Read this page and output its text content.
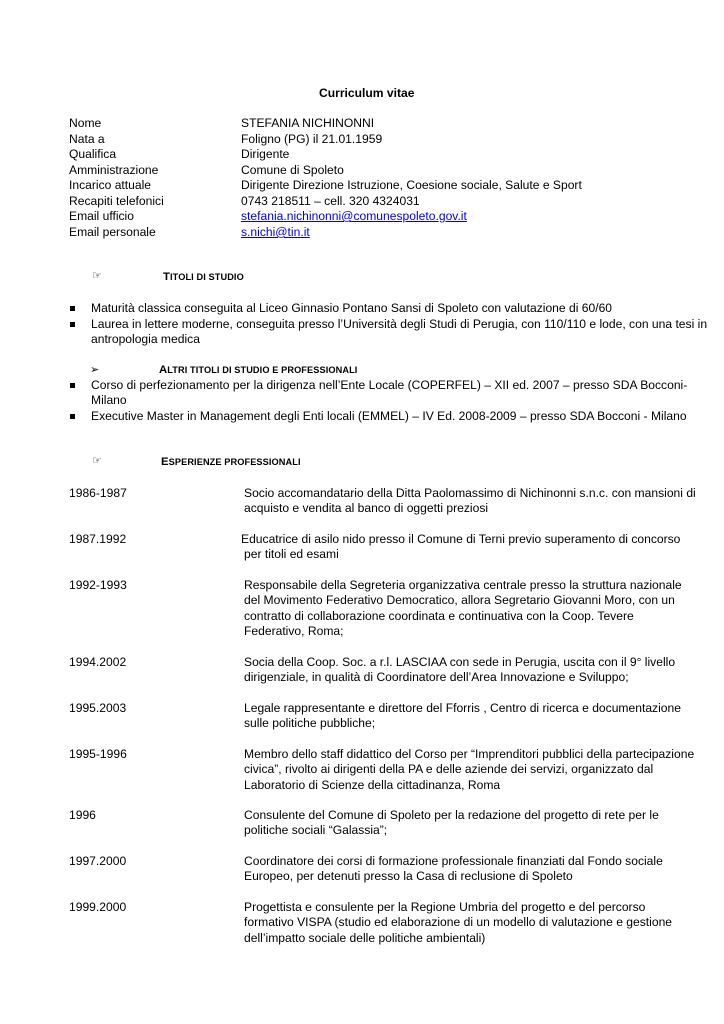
Curriculum vitae
Nome	STEFANIA NICHINONNI
Nata a	Foligno (PG) il 21.01.1959
Qualifica	Dirigente
Amministrazione	Comune di Spoleto
Incarico attuale	Dirigente Direzione Istruzione, Coesione sociale, Salute e Sport
Recapiti telefonici	0743 218511 – cell. 320 4324031
Email ufficio	stefania.nichinonni@comunespoleto.gov.it
Email personale	s.nichi@tin.it
☞	TITOLI DI STUDIO
Maturità classica conseguita al Liceo Ginnasio Pontano Sansi di Spoleto con valutazione di 60/60
Laurea in lettere moderne, conseguita presso l’Università degli Studi di Perugia, con 110/110 e lode, con una tesi in
antropologia medica
➢	ALTRI TITOLI DI STUDIO E PROFESSIONALI
Corso di perfezionamento per la dirigenza nell’Ente Locale (COPERFEL) – XII ed. 2007 – presso SDA Bocconi-
Milano
Executive Master in Management degli Enti locali (EMMEL) – IV Ed. 2008-2009 – presso SDA Bocconi - Milano
☞	ESPERIENZE PROFESSIONALI
1986-1987	Socio accomandatario della Ditta Paolomassimo di Nichinonni s.n.c. con mansioni di
acquisto e vendita al banco di oggetti preziosi
1987.1992	Educatrice di asilo nido presso il Comune di Terni previo superamento di concorso
per titoli ed esami
1992-1993	Responsabile della Segreteria organizzativa centrale presso la struttura nazionale
del Movimento Federativo Democratico, allora Segretario Giovanni Moro, con un
contratto di collaborazione coordinata e continuativa con la Coop. Tevere
Federativo, Roma;
1994.2002	Socia della Coop. Soc. a r.l. LASCIAA con sede in Perugia, uscita con il 9° livello
dirigenziale, in qualità di Coordinatore dell’Area Innovazione e Sviluppo;
1995.2003	Legale rappresentante e direttore del Fforris , Centro di ricerca e documentazione
sulle politiche pubbliche;
1995-1996	Membro dello staff didattico del Corso per “Imprenditori pubblici della partecipazione
civica”, rivolto ai dirigenti della PA e delle aziende dei servizi, organizzato dal
Laboratorio di Scienze della cittadinanza, Roma
1996	Consulente del Comune di Spoleto per la redazione del progetto di rete per le
politiche sociali “Galassia”;
1997.2000	Coordinatore dei corsi di formazione professionale finanziati dal Fondo sociale
Europeo, per detenuti presso la Casa di reclusione di Spoleto
1999.2000	Progettista e consulente per la Regione Umbria del progetto e del percorso
formativo VISPA (studio ed elaborazione di un modello di valutazione e gestione
dell’impatto sociale delle politiche ambientali)
